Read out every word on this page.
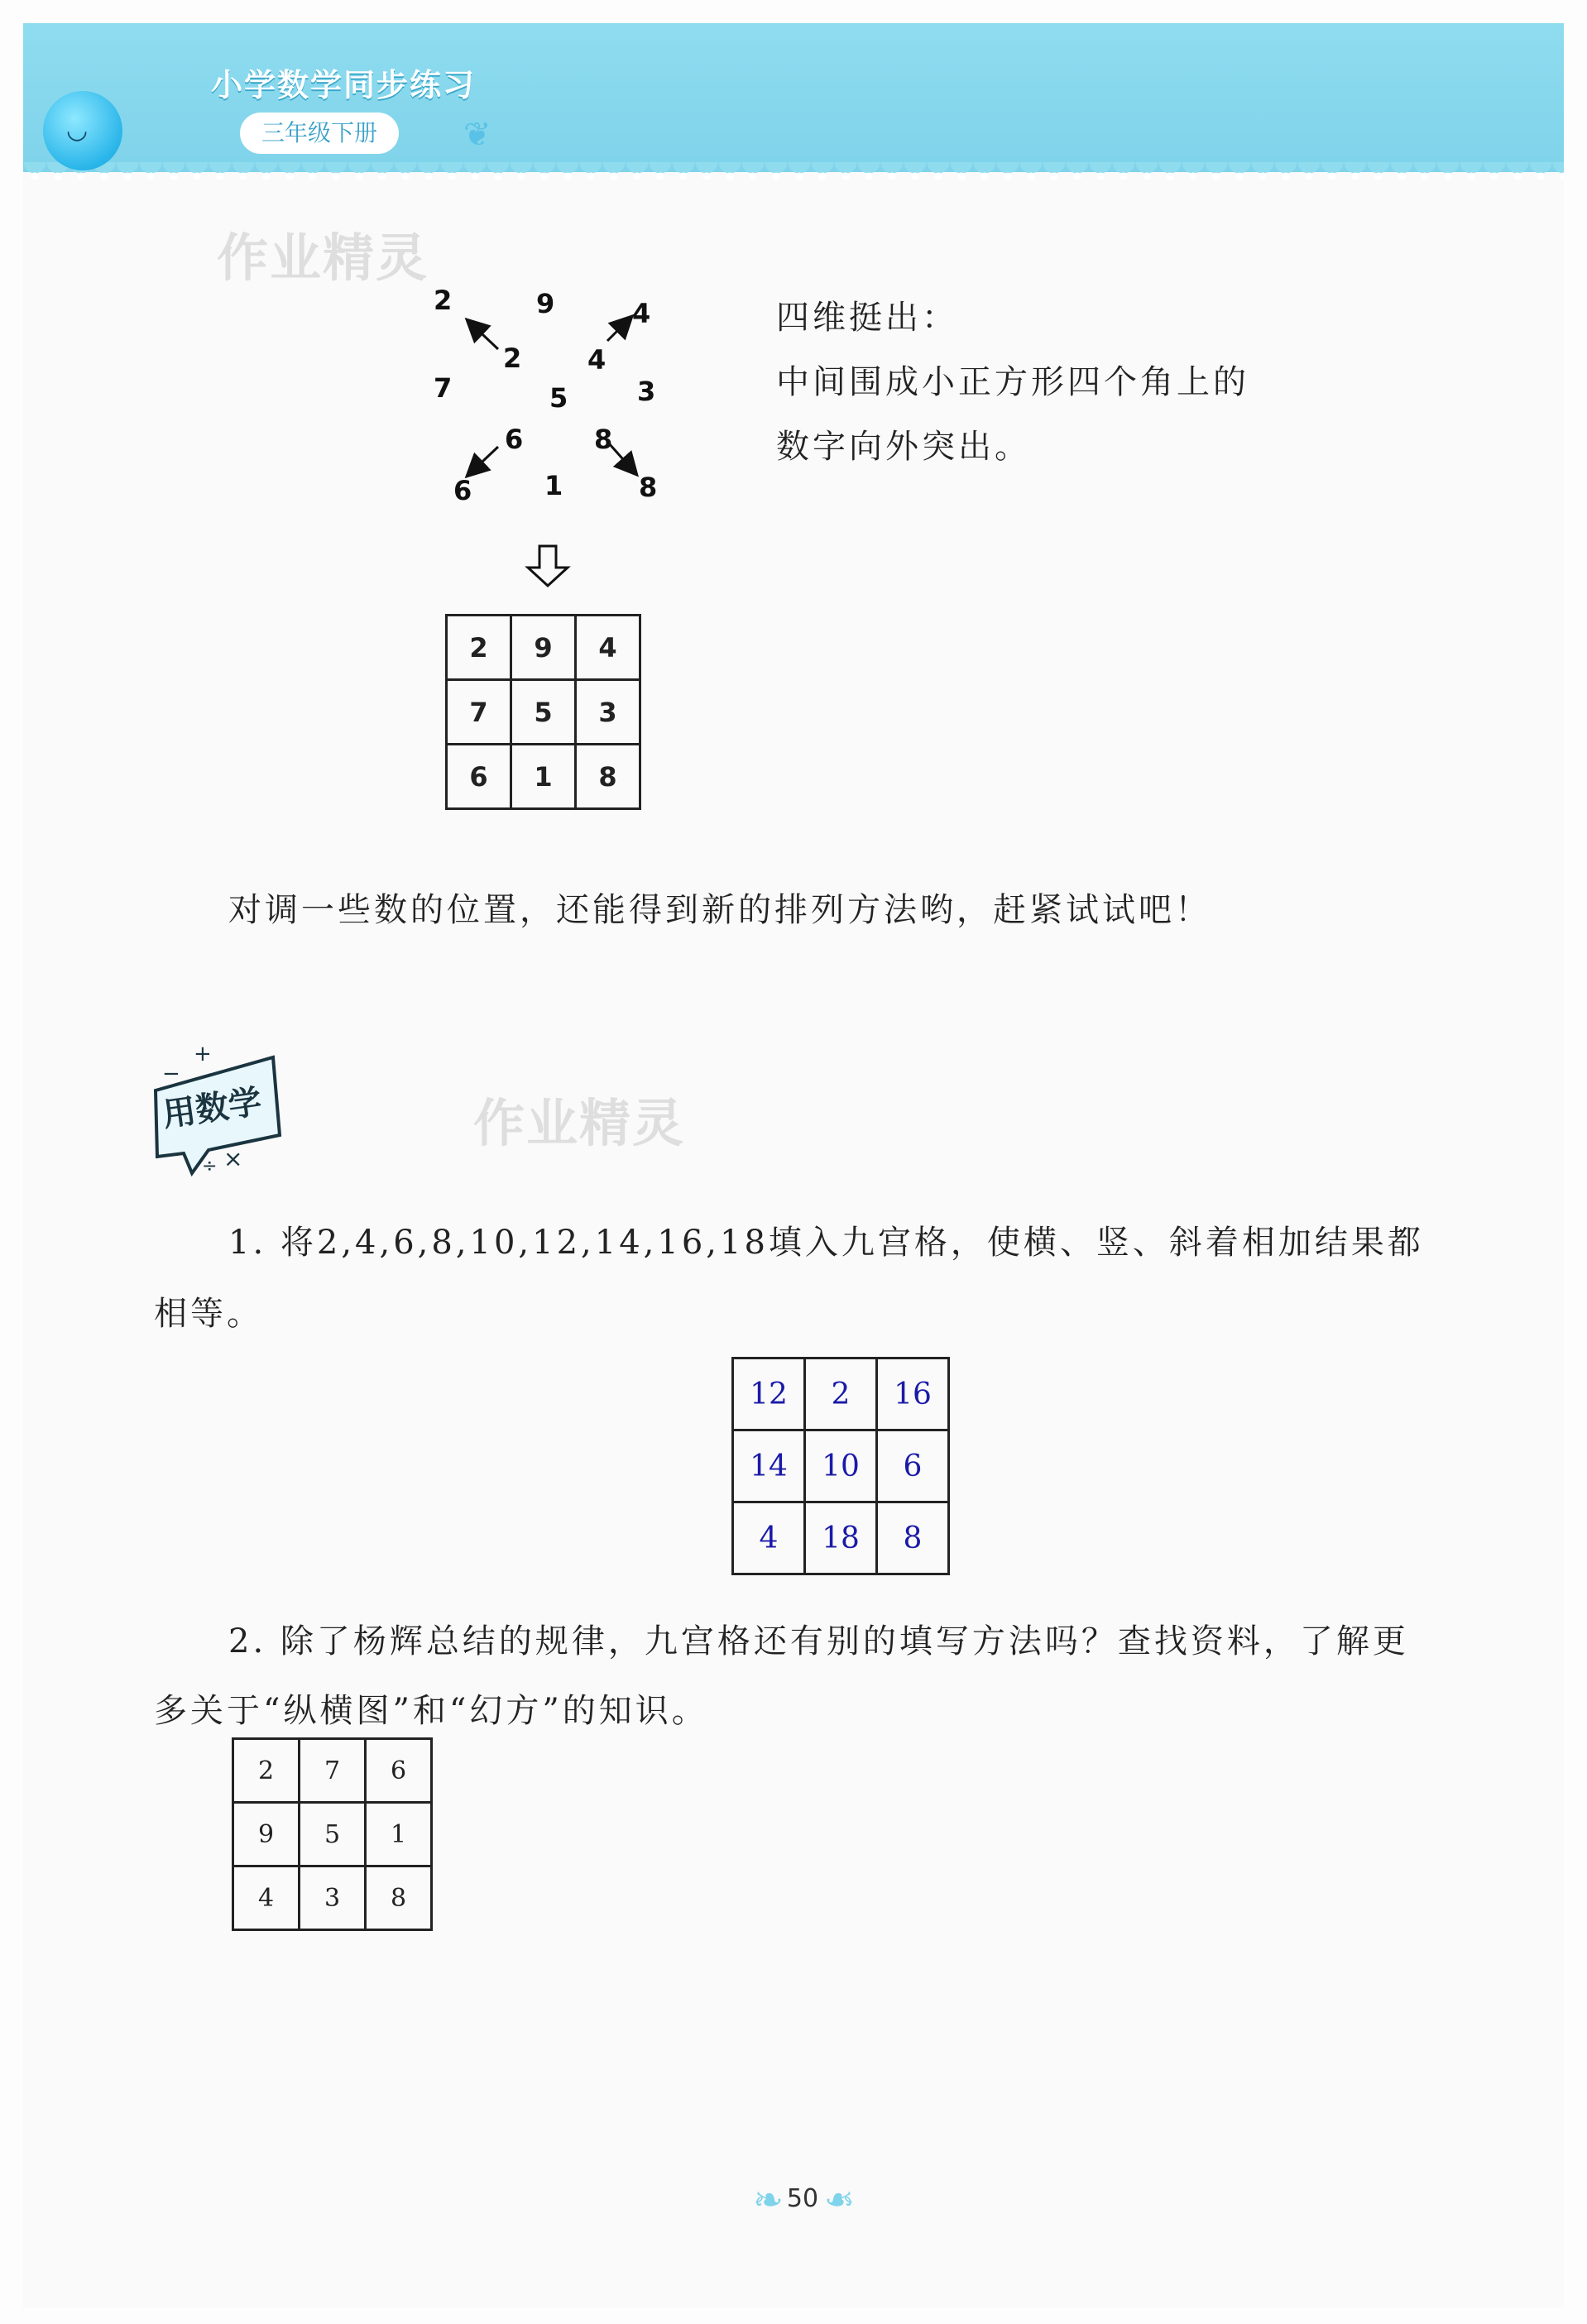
◡
小学数学同步练习
三年级下册	❦
作业精灵
作业精灵
+
−
×
÷
2	9	4
2 4
7	5	3
6	8
6	1	8
四维挺出：
中间围成小正方形四个角上的
数字向外突出。
2	9	4
7	5	3
6	1	8
对调一些数的位置，还能得到新的排列方法哟，赶紧试试吧！
用数学
1. 将2,4,6,8,10,12,14,16,18填入九宫格，使横、竖、斜着相加结果都
相等。
12	2	16
14	10	6
4	18	8
2. 除了杨辉总结的规律，九宫格还有别的填写方法吗？查找资料，了解更
多关于“纵横图”和“幻方”的知识。
2	7	6
9	5	1
4	3	8
❧ 50 ❧
